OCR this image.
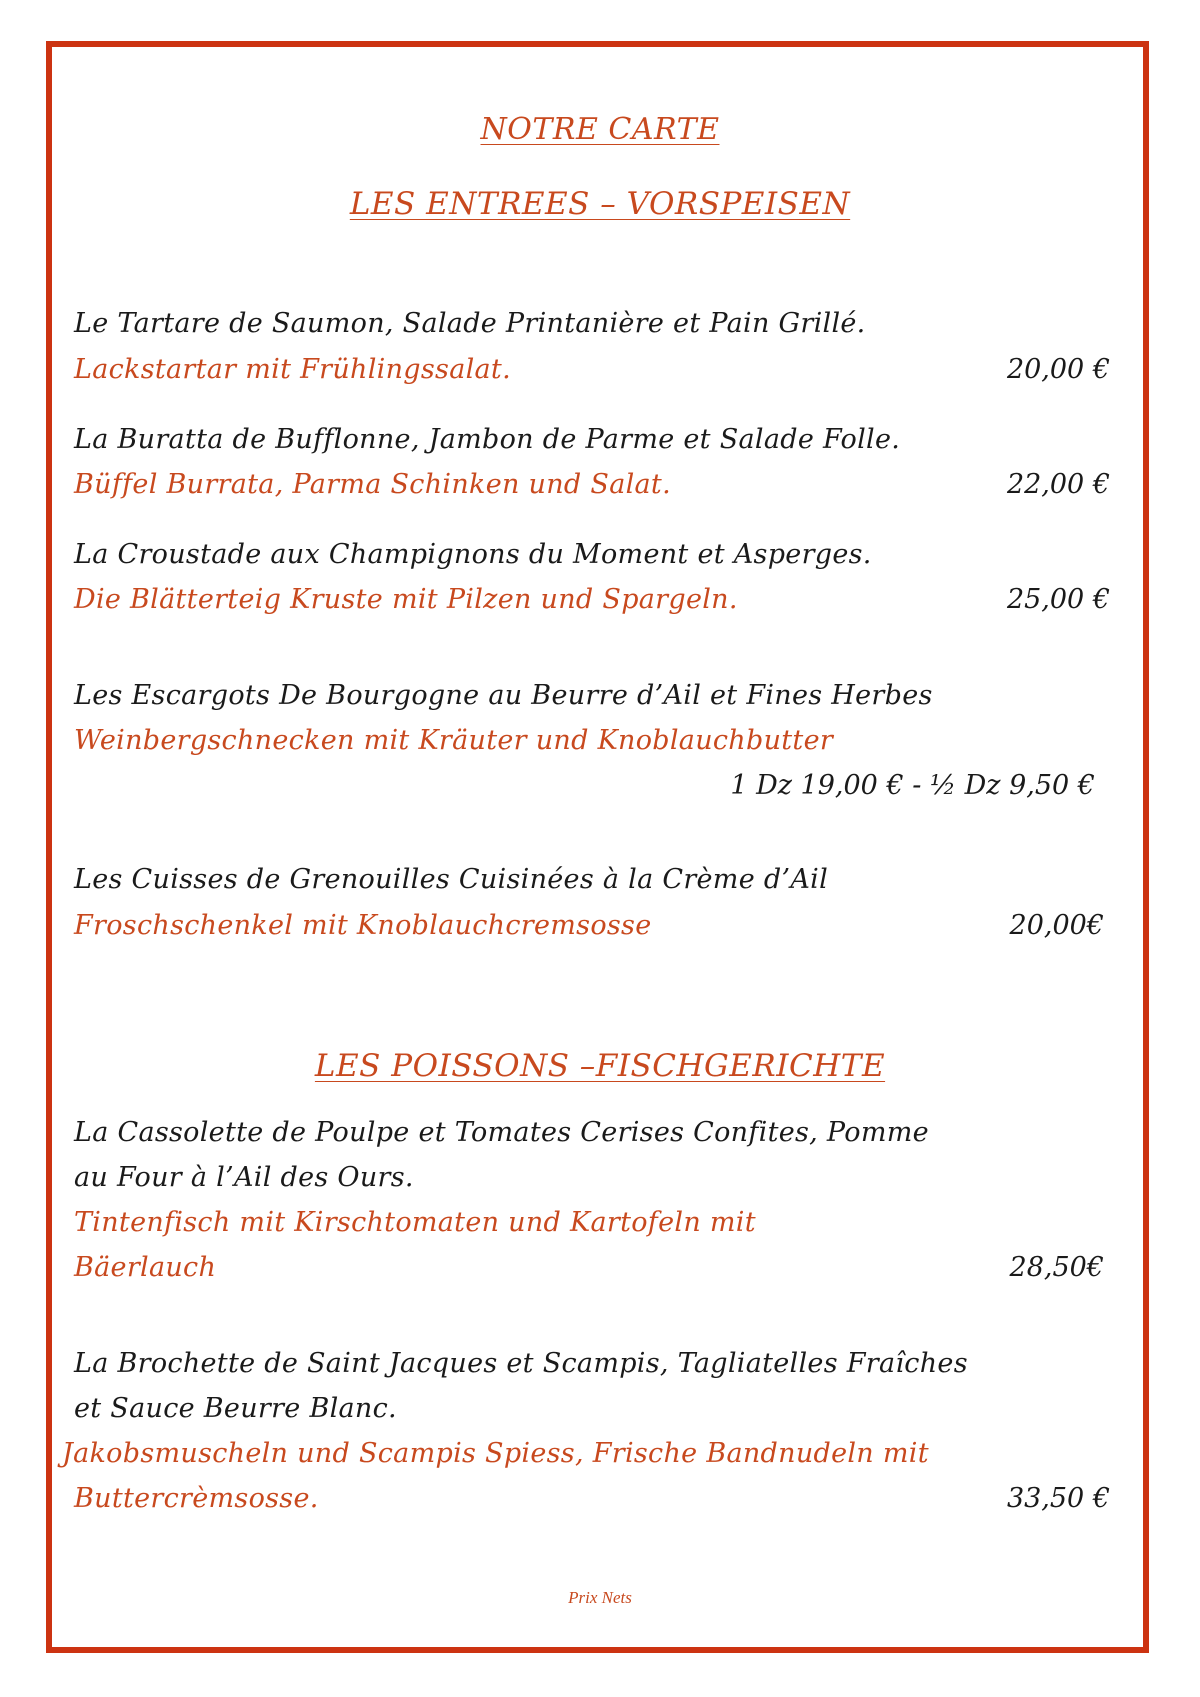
NOTRE CARTE
LES ENTREES – VORSPEISEN
Le Tartare de Saumon, Salade Printanière et Pain Grillé.
Lackstartar mit Frühlingssalat.	20,00 €
La Buratta de Bufflonne, Jambon de Parme et Salade Folle.
Büffel Burrata, Parma Schinken und Salat.	22,00 €
La Croustade aux Champignons du Moment et Asperges.
Die Blätterteig Kruste mit Pilzen und Spargeln.	25,00 €
Les Escargots De Bourgogne au Beurre d’Ail et Fines Herbes
Weinbergschnecken mit Kräuter und Knoblauchbutter
1 Dz 19,00 € - ½ Dz 9,50 €
Les Cuisses de Grenouilles Cuisinées à la Crème d’Ail
Froschschenkel mit Knoblauchcremsosse	20,00€
LES POISSONS –FISCHGERICHTE
La Cassolette de Poulpe et Tomates Cerises Confites, Pomme
au Four à l’Ail des Ours.
Tintenfisch mit Kirschtomaten und Kartofeln mit
Bäerlauch	28,50€
La Brochette de Saint Jacques et Scampis, Tagliatelles Fraîches
et Sauce Beurre Blanc.
Jakobsmuscheln und Scampis Spiess, Frische Bandnudeln mit
Buttercrèmsosse.	33,50 €
Prix Nets
